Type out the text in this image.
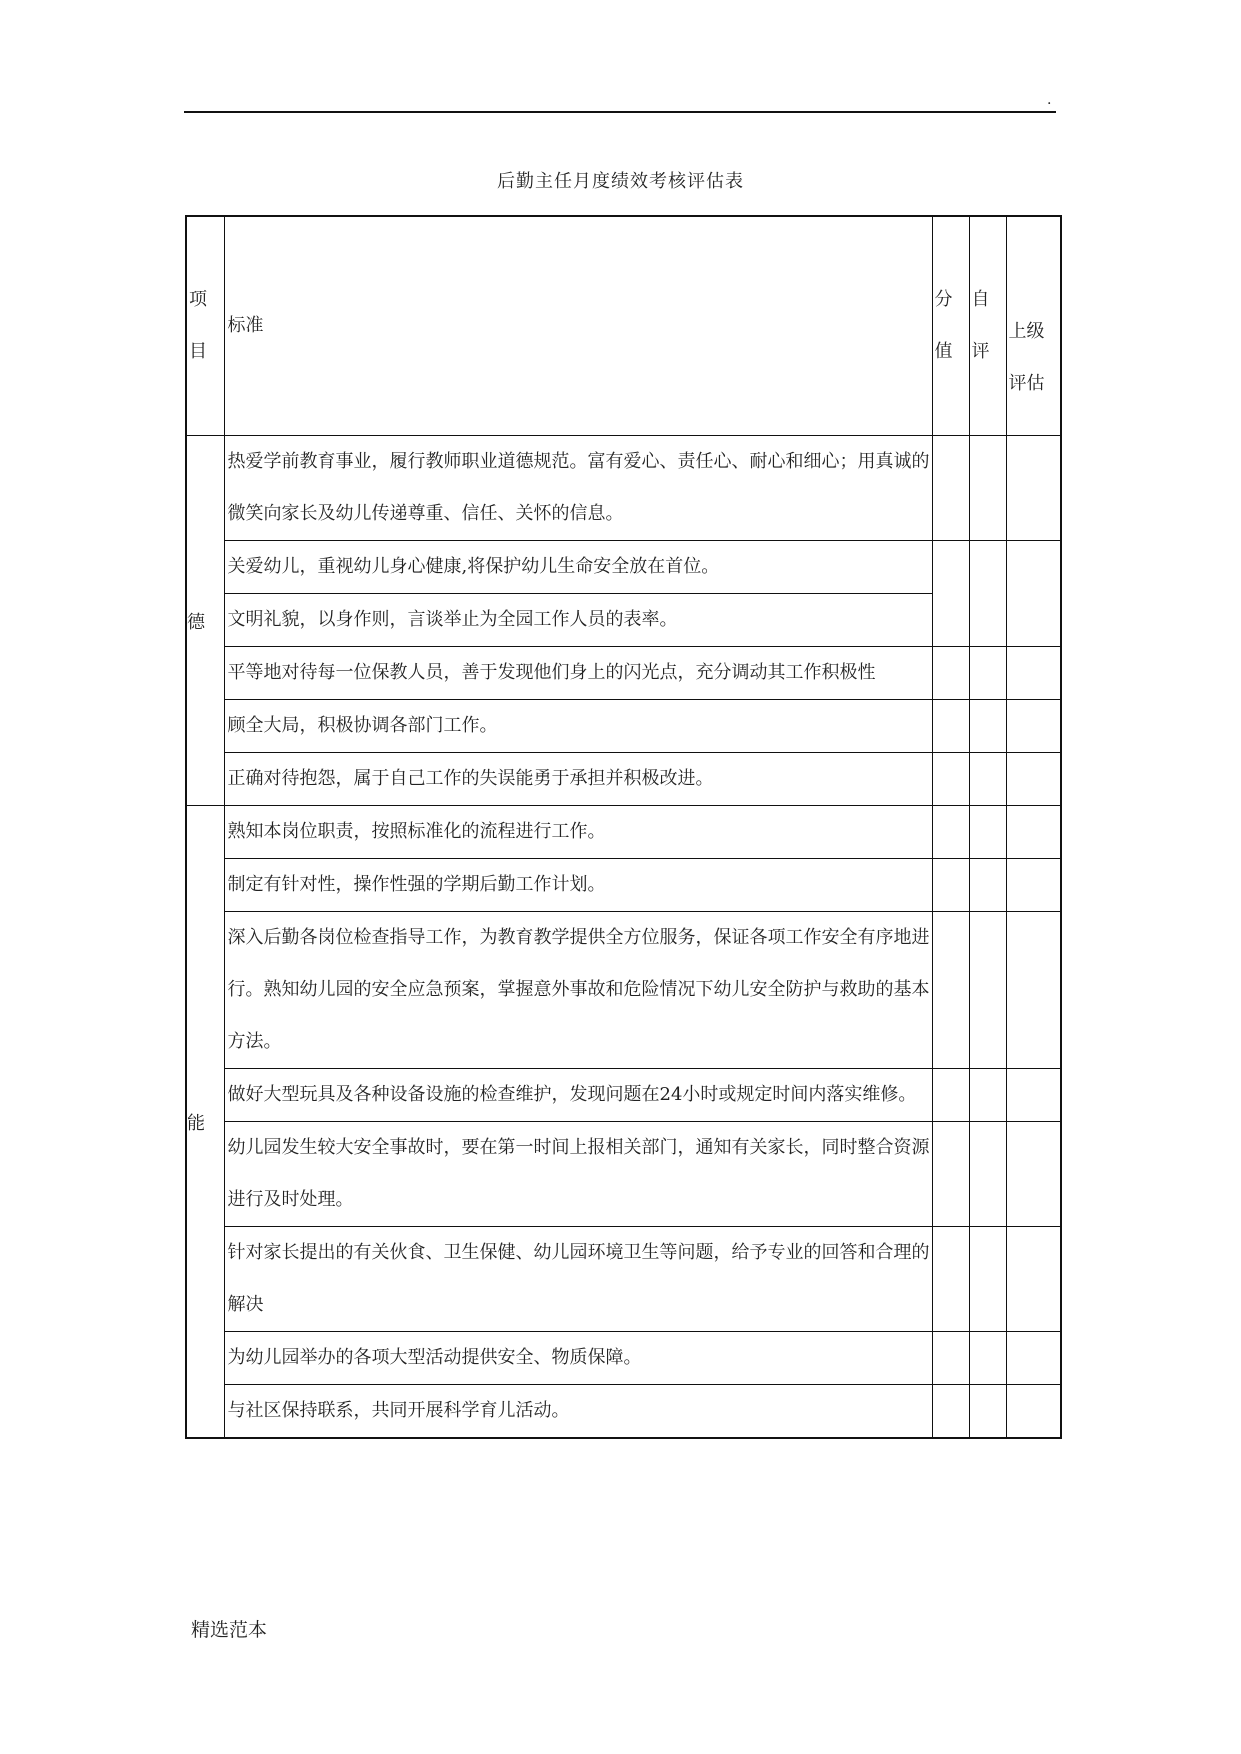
.
后勤主任月度绩效考核评估表
项目	标准	分值	自评	上级评估

德	热爱学前教育事业，履行教师职业道德规范。富有爱心、责任心、耐心和细心；用真诚的微笑向家长及幼儿传递尊重、信任、关怀的信息。			

	关爱幼儿，重视幼儿身心健康,将保护幼儿生命安全放在首位。			

	文明礼貌，以身作则，言谈举止为全园工作人员的表率。			

	平等地对待每一位保教人员，善于发现他们身上的闪光点，充分调动其工作积极性			

	顾全大局，积极协调各部门工作。			

	正确对待抱怨，属于自己工作的失误能勇于承担并积极改进。			

能	熟知本岗位职责，按照标准化的流程进行工作。			

	制定有针对性，操作性强的学期后勤工作计划。			

	深入后勤各岗位检查指导工作，为教育教学提供全方位服务，保证各项工作安全有序地进行。熟知幼儿园的安全应急预案，掌握意外事故和危险情况下幼儿安全防护与救助的基本方法。			

	做好大型玩具及各种设备设施的检查维护，发现问题在24小时或规定时间内落实维修。			

	幼儿园发生较大安全事故时，要在第一时间上报相关部门，通知有关家长，同时整合资源进行及时处理。			

	针对家长提出的有关伙食、卫生保健、幼儿园环境卫生等问题，给予专业的回答和合理的解决			

	为幼儿园举办的各项大型活动提供安全、物质保障。			

	与社区保持联系，共同开展科学育儿活动。			

精选范本
